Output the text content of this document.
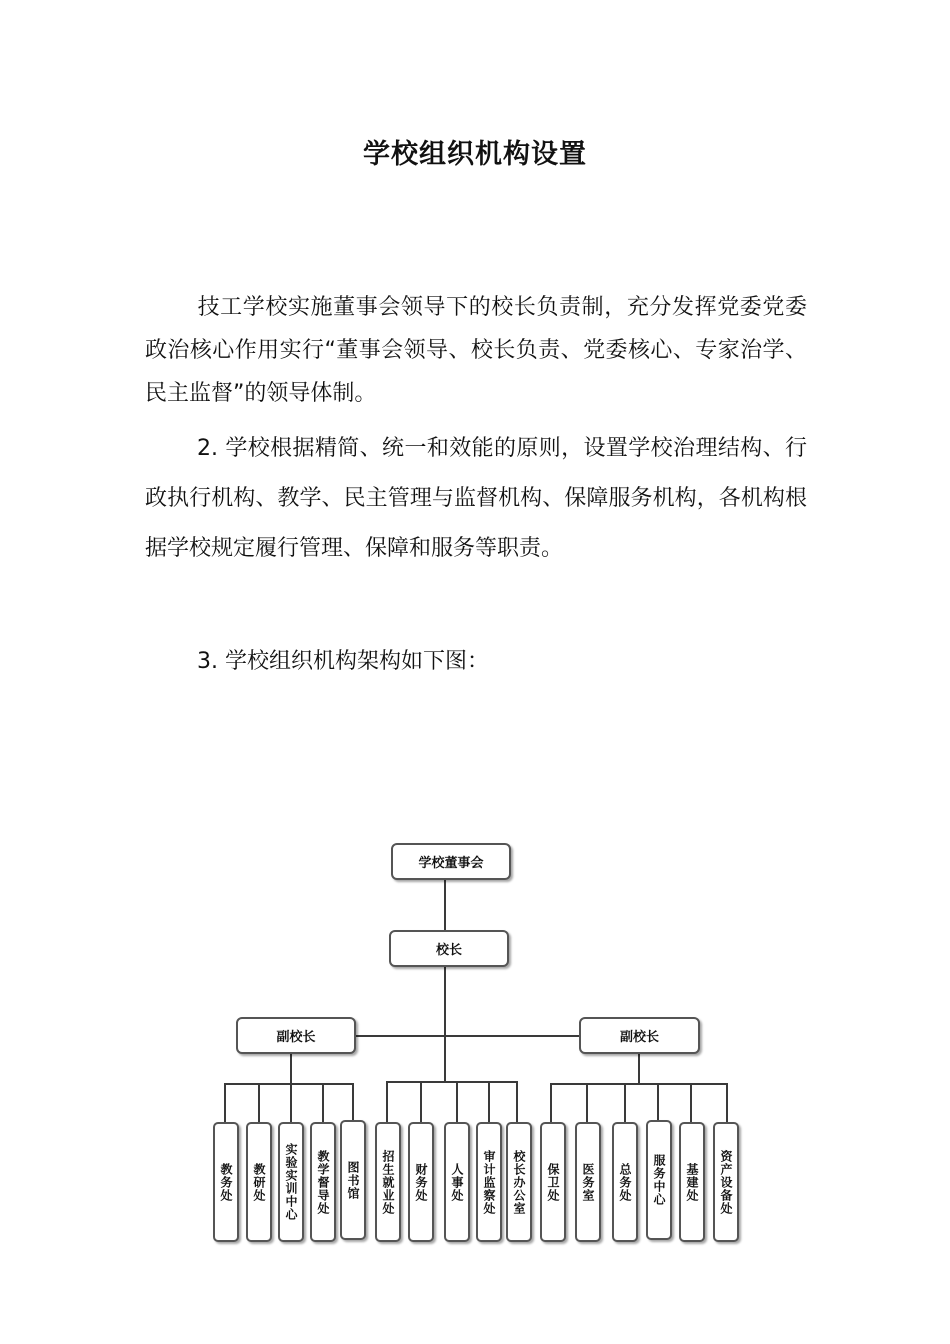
学校组织机构设置
技工学校实施董事会领导下的校长负责制，充分发挥党委党委政治核心作用实行“董事会领导、校长负责、党委核心、专家治学、民主监督”的领导体制。
2. 学校根据精简、统一和效能的原则，设置学校治理结构、行政执行机构、教学、民主管理与监督机构、保障服务机构，各机构根据学校规定履行管理、保障和服务等职责。
3. 学校组织机构架构如下图：
学校董事会
校长
副校长	副校长
教务处 教研处 实验实训中心 教学督导处 图书馆 招生就业处 财务处 人事处 审计监察处 校长办公室 保卫处 医务室 总务处 服务中心 基建处 资产设备处
